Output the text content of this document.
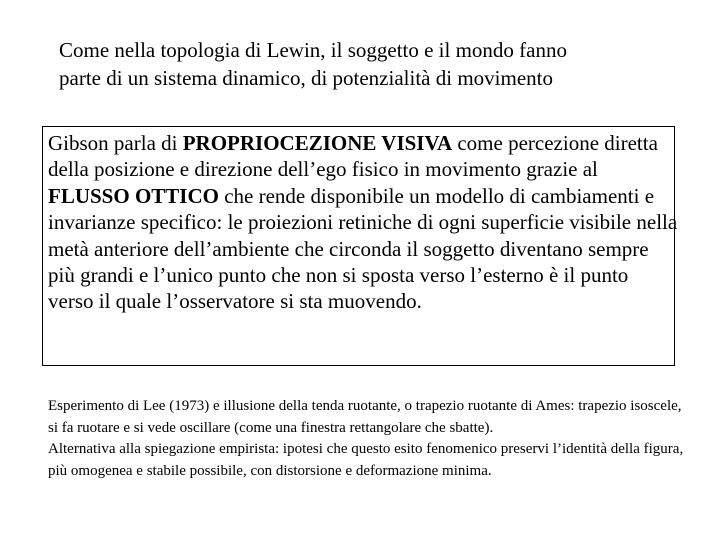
Come nella topologia di Lewin, il soggetto e il mondo fanno
parte di un sistema dinamico, di potenzialità di movimento

Gibson parla di PROPRIOCEZIONE VISIVA come percezione diretta della posizione e direzione dell’ego fisico in movimento grazie al FLUSSO OTTICO che rende disponibile un modello di cambiamenti e invarianze specifico: le proiezioni retiniche di ogni superficie visibile nella metà anteriore dell’ambiente che circonda il soggetto diventano sempre più grandi e l’unico punto che non si sposta verso l’esterno è il punto verso il quale l’osservatore si sta muovendo.

Esperimento di Lee (1973) e illusione della tenda ruotante, o trapezio ruotante di Ames: trapezio isoscele, si fa ruotare e si vede oscillare (come una finestra rettangolare che sbatte).

Alternativa alla spiegazione empirista: ipotesi che questo esito fenomenico preservi l’identità della figura, più omogenea e stabile possibile, con distorsione e deformazione minima.
